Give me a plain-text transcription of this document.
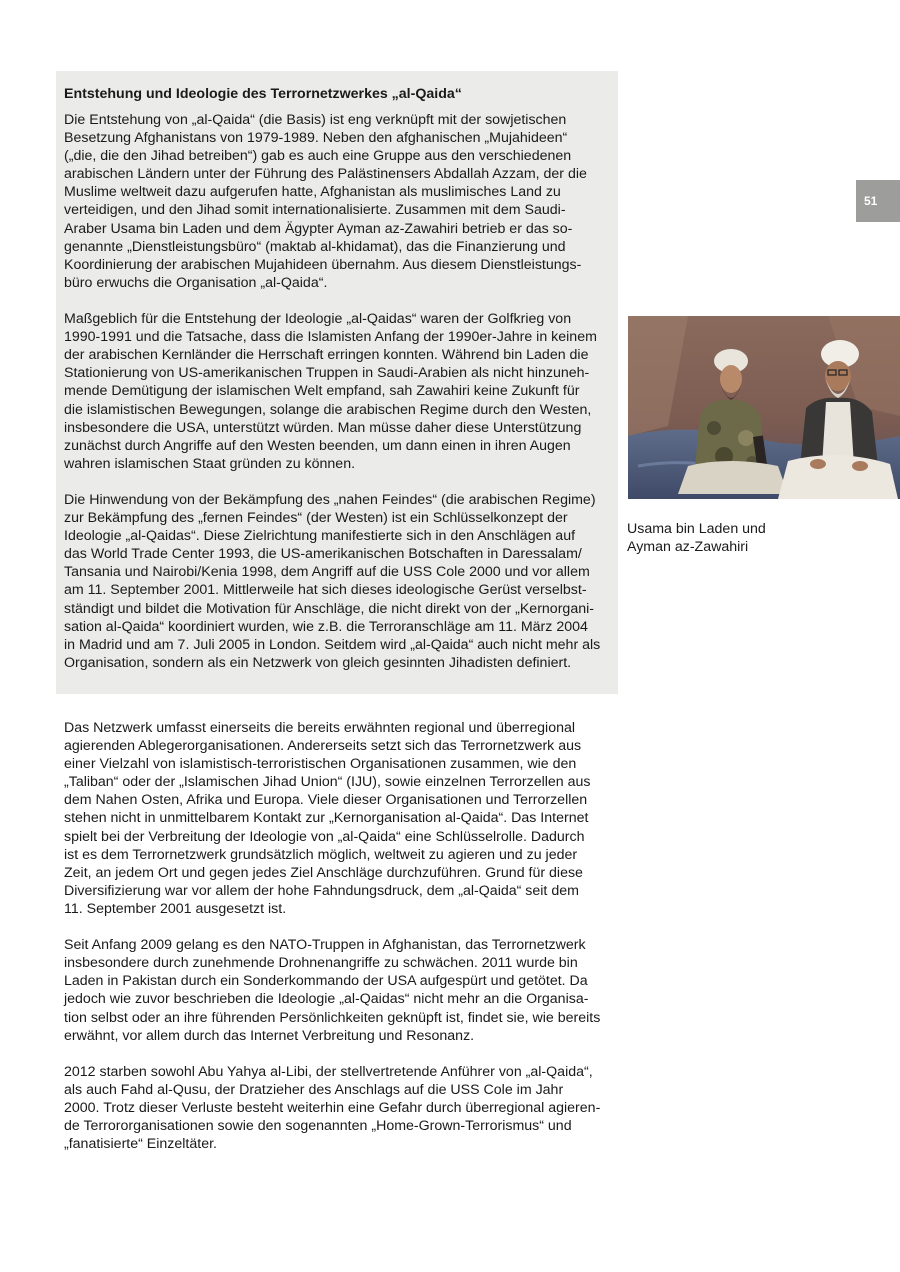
51
Entstehung und Ideologie des Terrornetzwerkes „al-Qaida“
Die Entstehung von „al-Qaida“ (die Basis) ist eng verknüpft mit der sowjetischen
Besetzung Afghanistans von 1979-1989. Neben den afghanischen „Mujahideen“
(„die, die den Jihad betreiben“) gab es auch eine Gruppe aus den verschiedenen
arabischen Ländern unter der Führung des Palästinensers Abdallah Azzam, der die
Muslime weltweit dazu aufgerufen hatte, Afghanistan als muslimisches Land zu
verteidigen, und den Jihad somit internationalisierte. Zusammen mit dem Saudi-
Araber Usama bin Laden und dem Ägypter Ayman az-Zawahiri betrieb er das so-
genannte „Dienstleistungsbüro“ (maktab al-khidamat), das die Finanzierung und
Koordinierung der arabischen Mujahideen übernahm. Aus diesem Dienstleistungs-
büro erwuchs die Organisation „al-Qaida“.
Maßgeblich für die Entstehung der Ideologie „al-Qaidas“ waren der Golfkrieg von
1990-1991 und die Tatsache, dass die Islamisten Anfang der 1990er-Jahre in keinem
der arabischen Kernländer die Herrschaft erringen konnten. Während bin Laden die
Stationierung von US-amerikanischen Truppen in Saudi-Arabien als nicht hinzuneh-
mende Demütigung der islamischen Welt empfand, sah Zawahiri keine Zukunft für
die islamistischen Bewegungen, solange die arabischen Regime durch den Westen,
insbesondere die USA, unterstützt würden. Man müsse daher diese Unterstützung
zunächst durch Angriffe auf den Westen beenden, um dann einen in ihren Augen
wahren islamischen Staat gründen zu können.
Die Hinwendung von der Bekämpfung des „nahen Feindes“ (die arabischen Regime)
zur Bekämpfung des „fernen Feindes“ (der Westen) ist ein Schlüsselkonzept der
Ideologie „al-Qaidas“. Diese Zielrichtung manifestierte sich in den Anschlägen auf
das World Trade Center 1993, die US-amerikanischen Botschaften in Daressalam/
Tansania und Nairobi/Kenia 1998, dem Angriff auf die USS Cole 2000 und vor allem
am 11. September 2001. Mittlerweile hat sich dieses ideologische Gerüst verselbst-
ständigt und bildet die Motivation für Anschläge, die nicht direkt von der „Kernorgani-
sation al-Qaida“ koordiniert wurden, wie z.B. die Terroranschläge am 11. März 2004
in Madrid und am 7. Juli 2005 in London. Seitdem wird „al-Qaida“ auch nicht mehr als
Organisation, sondern als ein Netzwerk von gleich gesinnten Jihadisten definiert.
Usama bin Laden und
Ayman az-Zawahiri
Das Netzwerk umfasst einerseits die bereits erwähnten regional und überregional
agierenden Ablegerorganisationen. Andererseits setzt sich das Terrornetzwerk aus
einer Vielzahl von islamistisch-terroristischen Organisationen zusammen, wie den
„Taliban“ oder der „Islamischen Jihad Union“ (IJU), sowie einzelnen Terrorzellen aus
dem Nahen Osten, Afrika und Europa. Viele dieser Organisationen und Terrorzellen
stehen nicht in unmittelbarem Kontakt zur „Kernorganisation al-Qaida“. Das Internet
spielt bei der Verbreitung der Ideologie von „al-Qaida“ eine Schlüsselrolle. Dadurch
ist es dem Terrornetzwerk grundsätzlich möglich, weltweit zu agieren und zu jeder
Zeit, an jedem Ort und gegen jedes Ziel Anschläge durchzuführen. Grund für diese
Diversifizierung war vor allem der hohe Fahndungsdruck, dem „al-Qaida“ seit dem
11. September 2001 ausgesetzt ist.
Seit Anfang 2009 gelang es den NATO-Truppen in Afghanistan, das Terrornetzwerk
insbesondere durch zunehmende Drohnenangriffe zu schwächen. 2011 wurde bin
Laden in Pakistan durch ein Sonderkommando der USA aufgespürt und getötet. Da
jedoch wie zuvor beschrieben die Ideologie „al-Qaidas“ nicht mehr an die Organisa-
tion selbst oder an ihre führenden Persönlichkeiten geknüpft ist, findet sie, wie bereits
erwähnt, vor allem durch das Internet Verbreitung und Resonanz.
2012 starben sowohl Abu Yahya al-Libi, der stellvertretende Anführer von „al-Qaida“,
als auch Fahd al-Qusu, der Dratzieher des Anschlags auf die USS Cole im Jahr
2000. Trotz dieser Verluste besteht weiterhin eine Gefahr durch überregional agieren-
de Terrororganisationen sowie den sogenannten „Home-Grown-Terrorismus“ und
„fanatisierte“ Einzeltäter.
